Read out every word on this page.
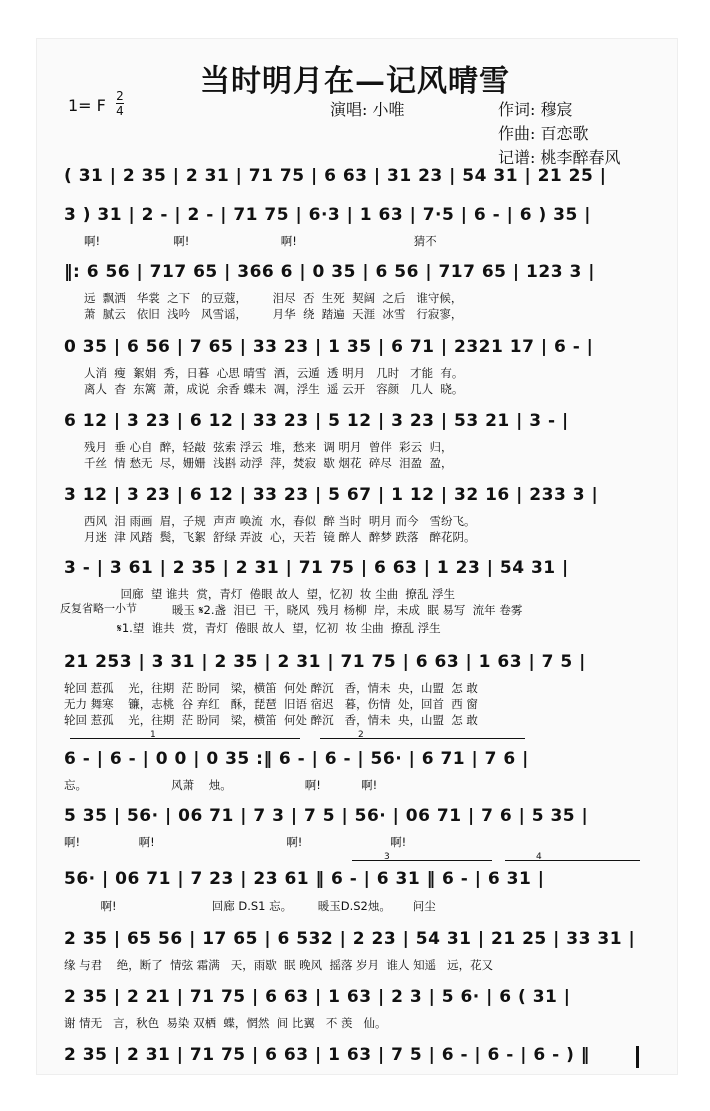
当时明月在—记风晴雪
1= F 2
4	演唱: 小唯	作词: 穆宸
作曲: 百恋歌
记谱: 桃李醉春风
( 31 | 2 35 | 2 31 | 71 75 | 6 63 | 31 23 | 54 31 | 21 25 |
3 ) 31 | 2 - | 2 - | 71 75 | 6·3 | 1 63 | 7·5 | 6 - | 6 ) 35 |
啊!                    啊!                         啊!                                猜不
‖: 6 56 | 717 65 | 366 6 | 0 35 | 6 56 | 717 65 | 123 3 |
远  飘洒   华裳  之下   的豆蔻，       泪尽  否  生死  契阔  之后   谁守候，
萧  腻云   依旧  浅吟   风雪谣，       月华  绕  踏遍  天涯  冰雪   行寂寥，
0 35 | 6 56 | 7 65 | 33 23 | 1 35 | 6 71 | 2321 17 | 6 - |
人消  瘦  絮娟  秀，日暮  心思 晴雪  酒，云遁  透 明月   几时   才能  有。
离人  杳  东篱  萧，成说  余香 蝶未  凋，浮生  遥 云开   容颜   几人  晓。
6 12 | 3 23 | 6 12 | 33 23 | 5 12 | 3 23 | 53 21 | 3 - |
残月  垂 心自  醉，轻敲  弦索 浮云  堆，愁来  调 明月  曾伴  彩云  归，
千丝  情 愁无  尽，姗姗  浅斟 动浮  萍，焚寂  歇 烟花  碎尽  泪盈  盈，
3 12 | 3 23 | 6 12 | 33 23 | 5 67 | 1 12 | 32 16 | 233 3 |
西风  泪 雨画  眉，子规  声声 唤流  水，春似  醉 当时  明月 而今   雪纷飞。
月迷  津 风踏  鬓，飞絮  舒绿 弄波  心，天若  镜 醉人  醉梦 跌落   醉花阴。
3 - | 3 61 | 2 35 | 2 31 | 71 75 | 6 63 | 1 23 | 54 31 |
回廊  望 谁共  赏，青灯  倦眼 故人  望，忆初  妆 尘曲  撩乱 浮生
反复省略一小节 暖玉 𝄋2.盏  泪已  干，晓风  残月 杨柳  岸，未成  眠 易写  流年 卷雾
𝄋1.望  谁共  赏，青灯  倦眼 故人  望，忆初  妆 尘曲  撩乱 浮生
21 253 | 3 31 | 2 35 | 2 31 | 71 75 | 6 63 | 1 63 | 7 5 |
轮回 惹孤    光，往期  茫 盼同   梁，横笛  何处 醉沉   香，情未  央，山盟  怎 敢
无力 舞寒    镰，志桃  谷 弃红   酥，琵琶  旧语 宿迟   暮，伤情  处，回首  西 窗
轮回 惹孤    光，往期  茫 盼同   梁，横笛  何处 醉沉   香，情未  央，山盟  怎 敢
1	2
6 - | 6 - | 0 0 | 0 35 :‖ 6 - | 6 - | 56· | 6 71 | 7 6 |
忘。                       风萧    烛。                    啊!           啊!
5 35 | 56· | 06 71 | 7 3 | 7 5 | 56· | 06 71 | 7 6 | 5 35 |
啊!                啊!                                    啊!                        啊!
3	4
56· | 06 71 | 7 23 | 23 61 ‖ 6 - | 6 31 ‖ 6 - | 6 31 |
啊!                          回廊 D.S1 忘。       暖玉D.S2烛。      问尘
2 35 | 65 56 | 17 65 | 6 532 | 2 23 | 54 31 | 21 25 | 33 31 |
缘 与君    绝，断了  情弦 霜满   天，雨歇  眠 晚风  摇落 岁月  谁人 知遥   远，花又
2 35 | 2 21 | 71 75 | 6 63 | 1 63 | 2 3 | 5 6· | 6 ( 31 |
谢 情无   言，秋色  易染 双栖  蝶，惘然  间 比翼   不 羡   仙。
2 35 | 2 31 | 71 75 | 6 63 | 1 63 | 7 5 | 6 - | 6 - | 6 - ) ‖
